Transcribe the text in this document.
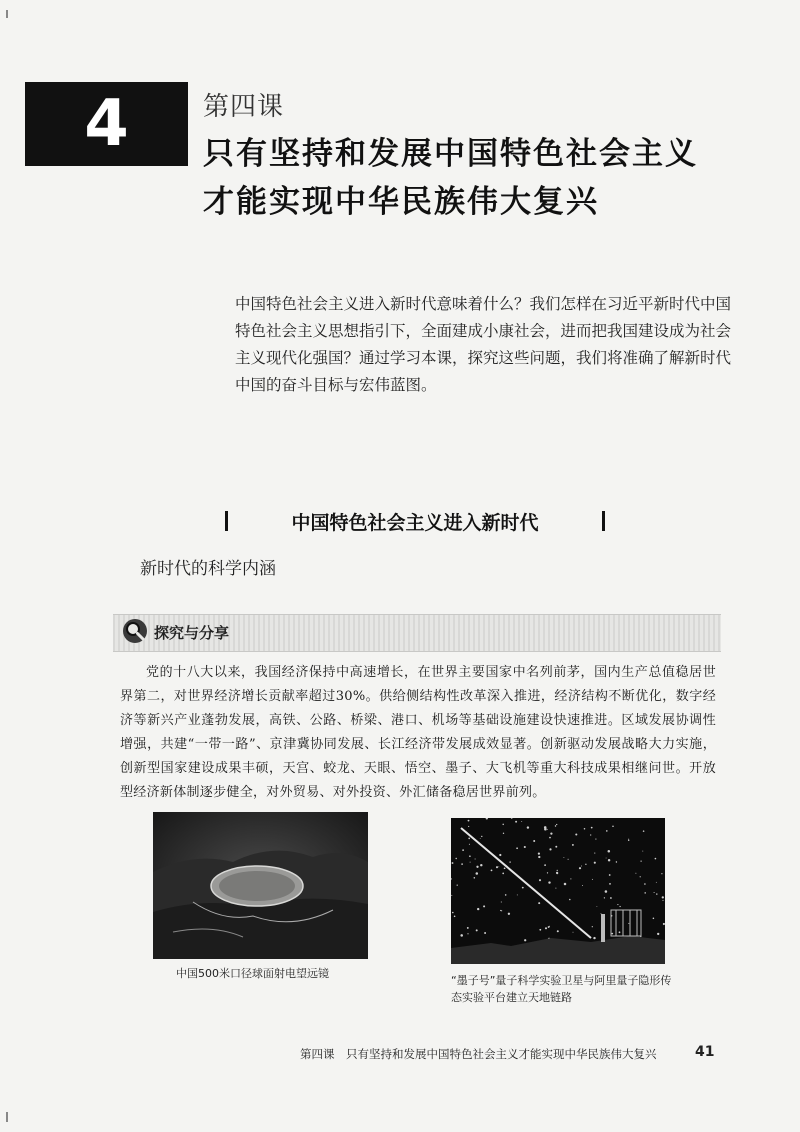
4	第四课
只有坚持和发展中国特色社会主义
才能实现中华民族伟大复兴
中国特色社会主义进入新时代意味着什么？我们怎样在习近平新时代中国特色社会主义思想指引下，全面建成小康社会，进而把我国建设成为社会主义现代化强国？通过学习本课，探究这些问题，我们将准确了解新时代中国的奋斗目标与宏伟蓝图。
中国特色社会主义进入新时代
新时代的科学内涵
探究与分享
党的十八大以来，我国经济保持中高速增长，在世界主要国家中名列前茅，国内生产总值稳居世界第二，对世界经济增长贡献率超过30%。供给侧结构性改革深入推进，经济结构不断优化，数字经济等新兴产业蓬勃发展，高铁、公路、桥梁、港口、机场等基础设施建设快速推进。区域发展协调性增强，共建“一带一路”、京津冀协同发展、长江经济带发展成效显著。创新驱动发展战略大力实施，创新型国家建设成果丰硕，天宫、蛟龙、天眼、悟空、墨子、大飞机等重大科技成果相继问世。开放型经济新体制逐步健全，对外贸易、对外投资、外汇储备稳居世界前列。
中国500米口径球面射电望远镜
“墨子号”量子科学实验卫星与阿里量子隐形传态实验平台建立天地链路
第四课　只有坚持和发展中国特色社会主义才能实现中华民族伟大复兴	41
